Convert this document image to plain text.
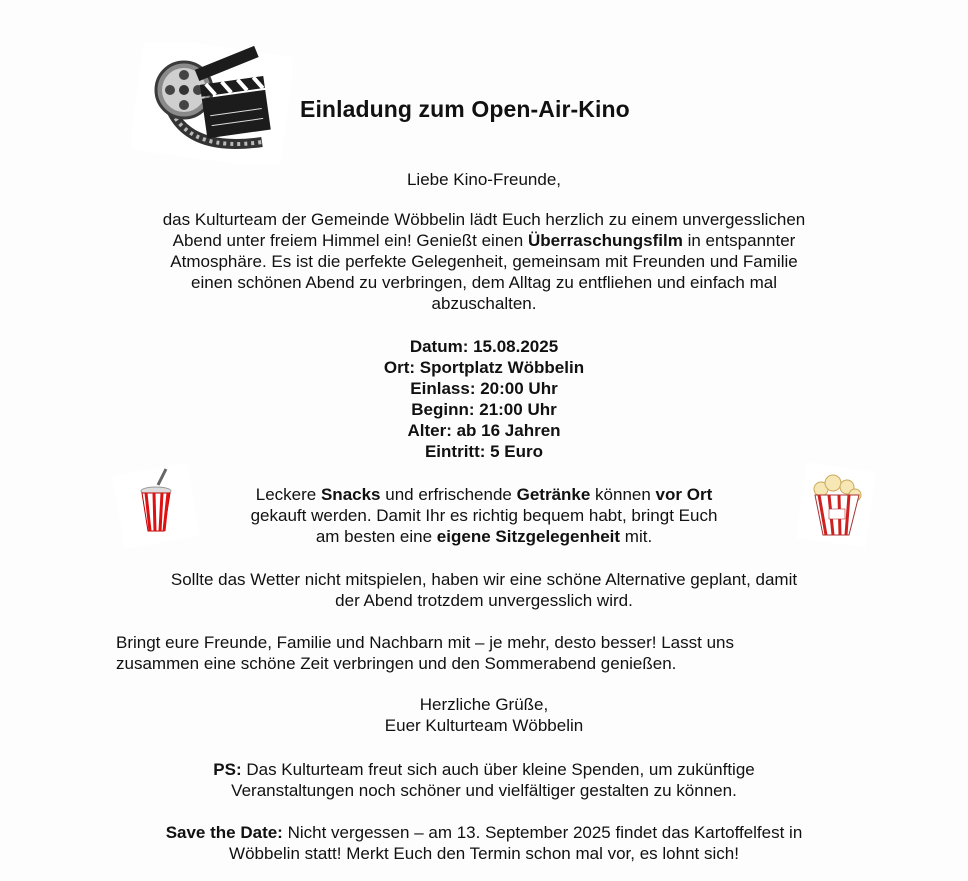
Einladung zum Open-Air-Kino

Liebe Kino-Freunde,

das Kulturteam der Gemeinde Wöbbelin lädt Euch herzlich zu einem unvergesslichen
Abend unter freiem Himmel ein! Genießt einen Überraschungsfilm in entspannter
Atmosphäre. Es ist die perfekte Gelegenheit, gemeinsam mit Freunden und Familie
einen schönen Abend zu verbringen, dem Alltag zu entfliehen und einfach mal
abzuschalten.

Datum: 15.08.2025
Ort: Sportplatz Wöbbelin
Einlass: 20:00 Uhr
Beginn: 21:00 Uhr
Alter: ab 16 Jahren
Eintritt: 5 Euro

Leckere Snacks und erfrischende Getränke können vor Ort
gekauft werden. Damit Ihr es richtig bequem habt, bringt Euch
am besten eine eigene Sitzgelegenheit mit.

Sollte das Wetter nicht mitspielen, haben wir eine schöne Alternative geplant, damit
der Abend trotzdem unvergesslich wird.

Bringt eure Freunde, Familie und Nachbarn mit – je mehr, desto besser! Lasst uns
zusammen eine schöne Zeit verbringen und den Sommerabend genießen.

Herzliche Grüße,
Euer Kulturteam Wöbbelin

PS: Das Kulturteam freut sich auch über kleine Spenden, um zukünftige
Veranstaltungen noch schöner und vielfältiger gestalten zu können.

Save the Date: Nicht vergessen – am 13. September 2025 findet das Kartoffelfest in
Wöbbelin statt! Merkt Euch den Termin schon mal vor, es lohnt sich!
